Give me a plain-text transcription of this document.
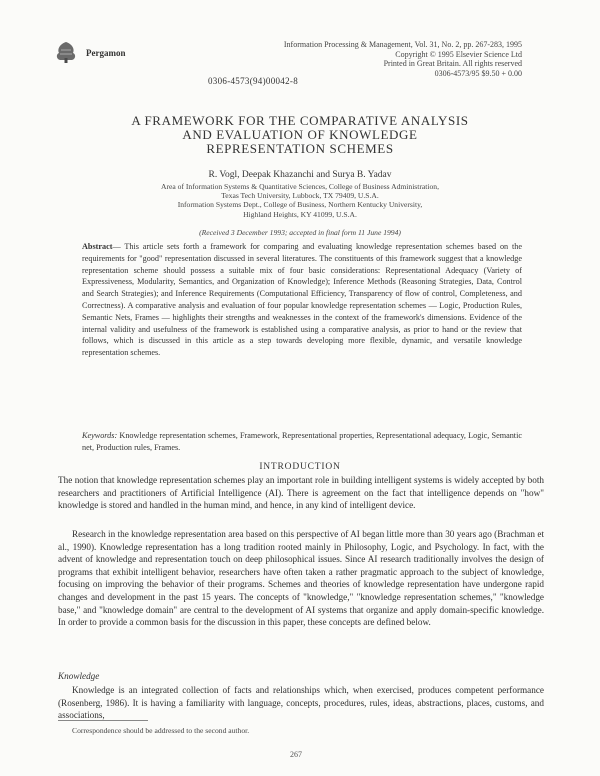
Pergamon
Information Processing & Management, Vol. 31, No. 2, pp. 267-283, 1995
Copyright © 1995 Elsevier Science Ltd
Printed in Great Britain. All rights reserved
0306-4573/95 $9.50 + 0.00
0306-4573(94)00042-8
A FRAMEWORK FOR THE COMPARATIVE ANALYSIS
AND EVALUATION OF KNOWLEDGE
REPRESENTATION SCHEMES
R. Vogl, Deepak Khazanchi and Surya B. Yadav
Area of Information Systems & Quantitative Sciences, College of Business Administration,
Texas Tech University, Lubbock, TX 79409, U.S.A.
Information Systems Dept., College of Business, Northern Kentucky University,
Highland Heights, KY 41099, U.S.A.
(Received 3 December 1993; accepted in final form 11 June 1994)
Abstract— This article sets forth a framework for comparing and evaluating knowledge representation schemes based on the requirements for "good" representation discussed in several literatures. The constituents of this framework suggest that a knowledge representation scheme should possess a suitable mix of four basic considerations: Representational Adequacy (Variety of Expressiveness, Modularity, Semantics, and Organization of Knowledge); Inference Methods (Reasoning Strategies, Data, Control and Search Strategies); and Inference Requirements (Computational Efficiency, Transparency of flow of control, Completeness, and Correctness). A comparative analysis and evaluation of four popular knowledge representation schemes — Logic, Production Rules, Semantic Nets, Frames — highlights their strengths and weaknesses in the context of the framework's dimensions. Evidence of the internal validity and usefulness of the framework is established using a comparative analysis, as prior to hand or the review that follows, which is discussed in this article as a step towards developing more flexible, dynamic, and versatile knowledge representation schemes.
Keywords: Knowledge representation schemes, Framework, Representational properties, Representational adequacy, Logic, Semantic net, Production rules, Frames.
INTRODUCTION
The notion that knowledge representation schemes play an important role in building intelligent systems is widely accepted by both researchers and practitioners of Artificial Intelligence (AI). There is agreement on the fact that intelligence depends on "how" knowledge is stored and handled in the human mind, and hence, in any kind of intelligent device.
Research in the knowledge representation area based on this perspective of AI began little more than 30 years ago (Brachman et al., 1990). Knowledge representation has a long tradition rooted mainly in Philosophy, Logic, and Psychology. In fact, with the advent of knowledge and representation touch on deep philosophical issues. Since AI research traditionally involves the design of programs that exhibit intelligent behavior, researchers have often taken a rather pragmatic approach to the subject of knowledge, focusing on improving the behavior of their programs. Schemes and theories of knowledge representation have undergone rapid changes and development in the past 15 years. The concepts of "knowledge," "knowledge representation schemes," "knowledge base," and "knowledge domain" are central to the development of AI systems that organize and apply domain-specific knowledge. In order to provide a common basis for the discussion in this paper, these concepts are defined below.
Knowledge
Knowledge is an integrated collection of facts and relationships which, when exercised, produces competent performance (Rosenberg, 1986). It is having a familiarity with language, concepts, procedures, rules, ideas, abstractions, places, customs, and associations,
Correspondence should be addressed to the second author.
267
